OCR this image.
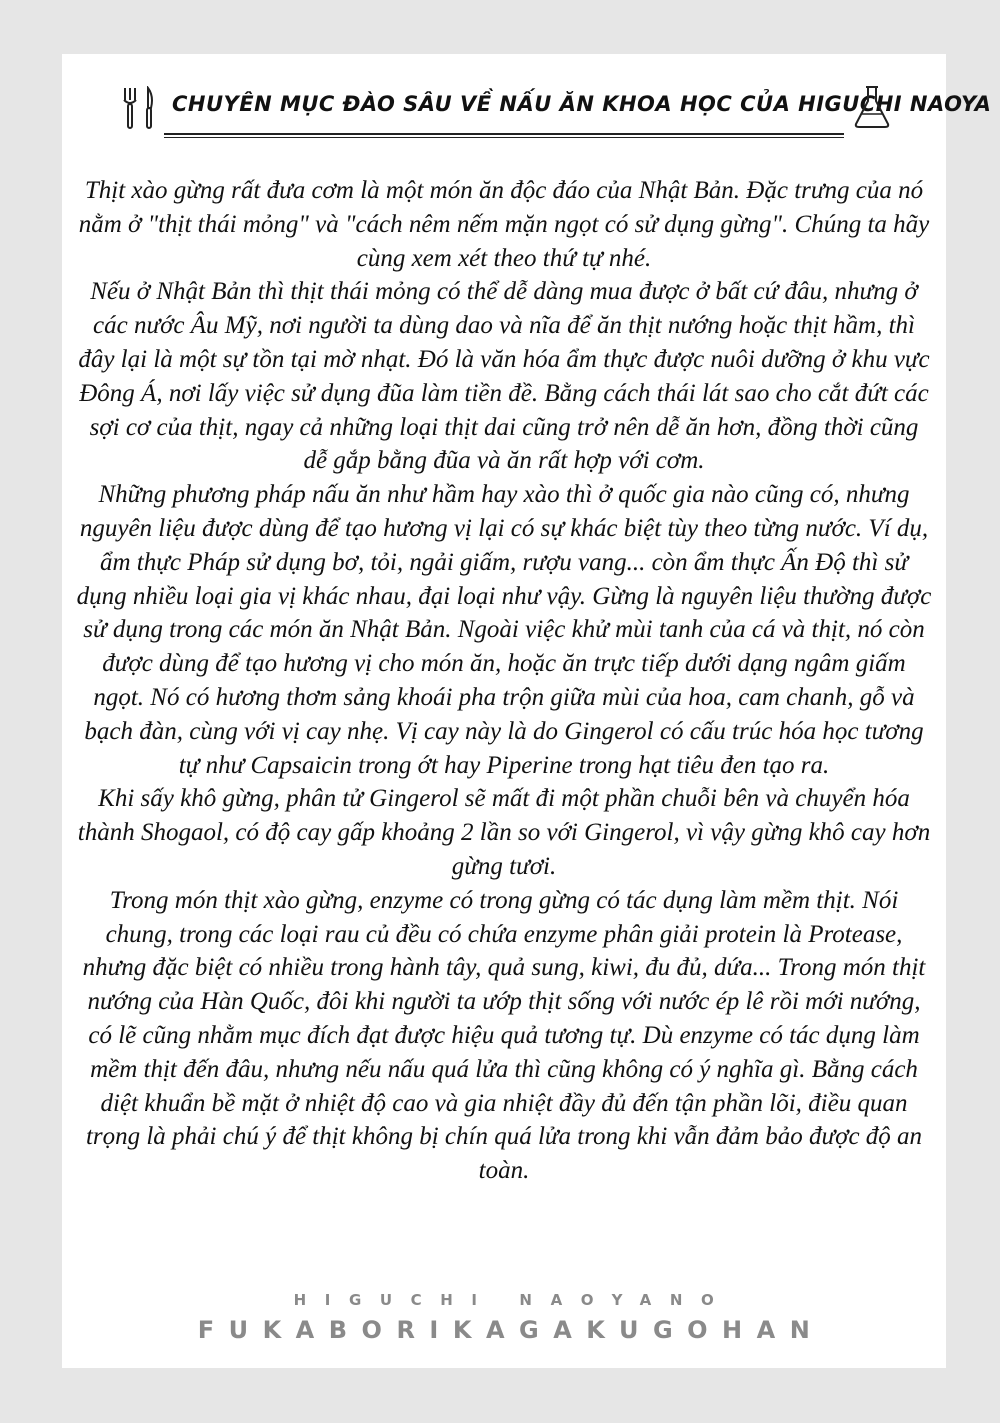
CHUYÊN MỤC ĐÀO SÂU VỀ NẤU ĂN KHOA HỌC CỦA HIGUCHI NAOYA

Thịt xào gừng rất đưa cơm là một món ăn độc đáo của Nhật Bản. Đặc trưng của nó nằm ở "thịt thái mỏng" và "cách nêm nếm mặn ngọt có sử dụng gừng". Chúng ta hãy cùng xem xét theo thứ tự nhé.

Nếu ở Nhật Bản thì thịt thái mỏng có thể dễ dàng mua được ở bất cứ đâu, nhưng ở các nước Âu Mỹ, nơi người ta dùng dao và nĩa để ăn thịt nướng hoặc thịt hầm, thì đây lại là một sự tồn tại mờ nhạt. Đó là văn hóa ẩm thực được nuôi dưỡng ở khu vực Đông Á, nơi lấy việc sử dụng đũa làm tiền đề. Bằng cách thái lát sao cho cắt đứt các sợi cơ của thịt, ngay cả những loại thịt dai cũng trở nên dễ ăn hơn, đồng thời cũng dễ gắp bằng đũa và ăn rất hợp với cơm.

Những phương pháp nấu ăn như hầm hay xào thì ở quốc gia nào cũng có, nhưng nguyên liệu được dùng để tạo hương vị lại có sự khác biệt tùy theo từng nước. Ví dụ, ẩm thực Pháp sử dụng bơ, tỏi, ngải giấm, rượu vang... còn ẩm thực Ấn Độ thì sử dụng nhiều loại gia vị khác nhau, đại loại như vậy. Gừng là nguyên liệu thường được sử dụng trong các món ăn Nhật Bản. Ngoài việc khử mùi tanh của cá và thịt, nó còn được dùng để tạo hương vị cho món ăn, hoặc ăn trực tiếp dưới dạng ngâm giấm ngọt. Nó có hương thơm sảng khoái pha trộn giữa mùi của hoa, cam chanh, gỗ và bạch đàn, cùng với vị cay nhẹ. Vị cay này là do Gingerol có cấu trúc hóa học tương tự như Capsaicin trong ớt hay Piperine trong hạt tiêu đen tạo ra.

Khi sấy khô gừng, phân tử Gingerol sẽ mất đi một phần chuỗi bên và chuyển hóa thành Shogaol, có độ cay gấp khoảng 2 lần so với Gingerol, vì vậy gừng khô cay hơn gừng tươi.

Trong món thịt xào gừng, enzyme có trong gừng có tác dụng làm mềm thịt. Nói chung, trong các loại rau củ đều có chứa enzyme phân giải protein là Protease, nhưng đặc biệt có nhiều trong hành tây, quả sung, kiwi, đu đủ, dứa... Trong món thịt nướng của Hàn Quốc, đôi khi người ta ướp thịt sống với nước ép lê rồi mới nướng, có lẽ cũng nhằm mục đích đạt được hiệu quả tương tự. Dù enzyme có tác dụng làm mềm thịt đến đâu, nhưng nếu nấu quá lửa thì cũng không có ý nghĩa gì. Bằng cách diệt khuẩn bề mặt ở nhiệt độ cao và gia nhiệt đầy đủ đến tận phần lõi, điều quan trọng là phải chú ý để thịt không bị chín quá lửa trong khi vẫn đảm bảo được độ an toàn.

HIGUCHI NAOYANO
FUKABORIKAGAKUGOHAN
